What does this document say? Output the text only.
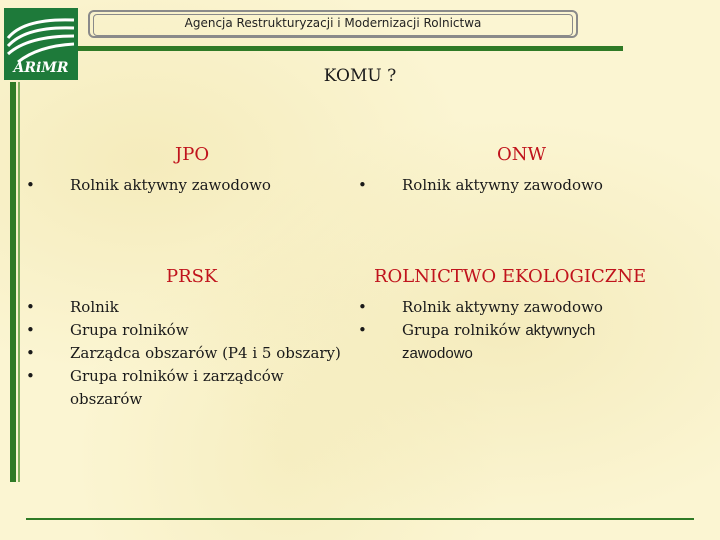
ARiMR
Agencja Restrukturyzacji i Modernizacji Rolnictwa
KOMU ?
JPO
• Rolnik aktywny zawodowo
ONW
• Rolnik aktywny zawodowo
PRSK
• Rolnik
• Grupa rolników
• Zarządca obszarów (P4 i 5 obszary)
• Grupa rolników i zarządców obszarów
ROLNICTWO EKOLOGICZNE
• Rolnik aktywny zawodowo
• Grupa rolników aktywnych zawodowo
